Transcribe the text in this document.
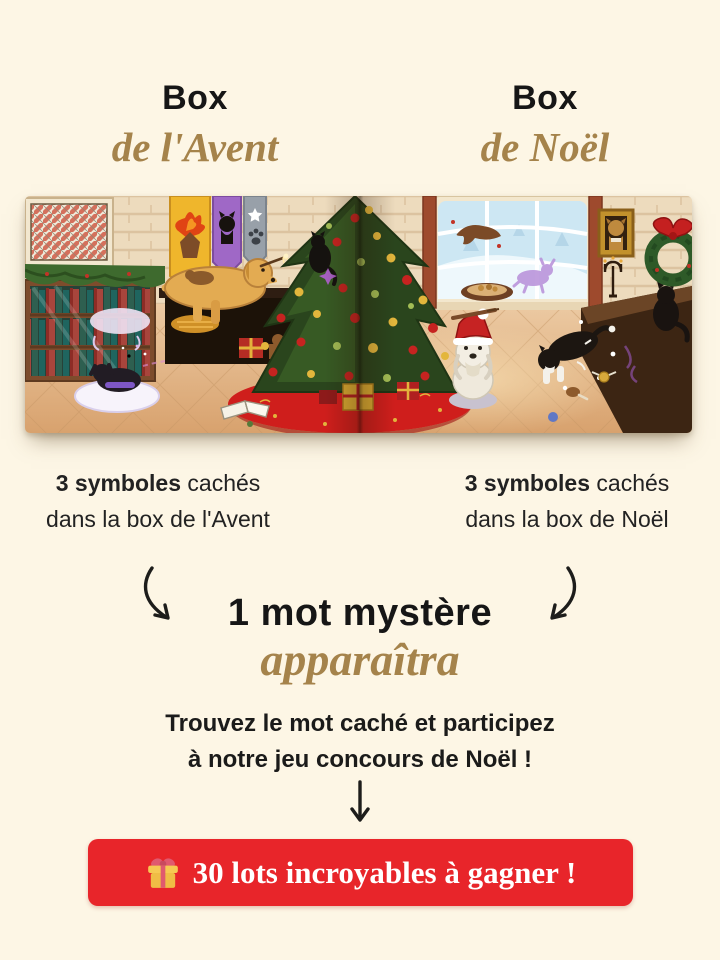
Box
de l'Avent
Box
de Noël
3 symboles cachés
dans la box de l'Avent
3 symboles cachés
dans la box de Noël
1 mot mystère
apparaîtra
Trouvez le mot caché et participez
à notre jeu concours de Noël !
30 lots incroyables à gagner !
